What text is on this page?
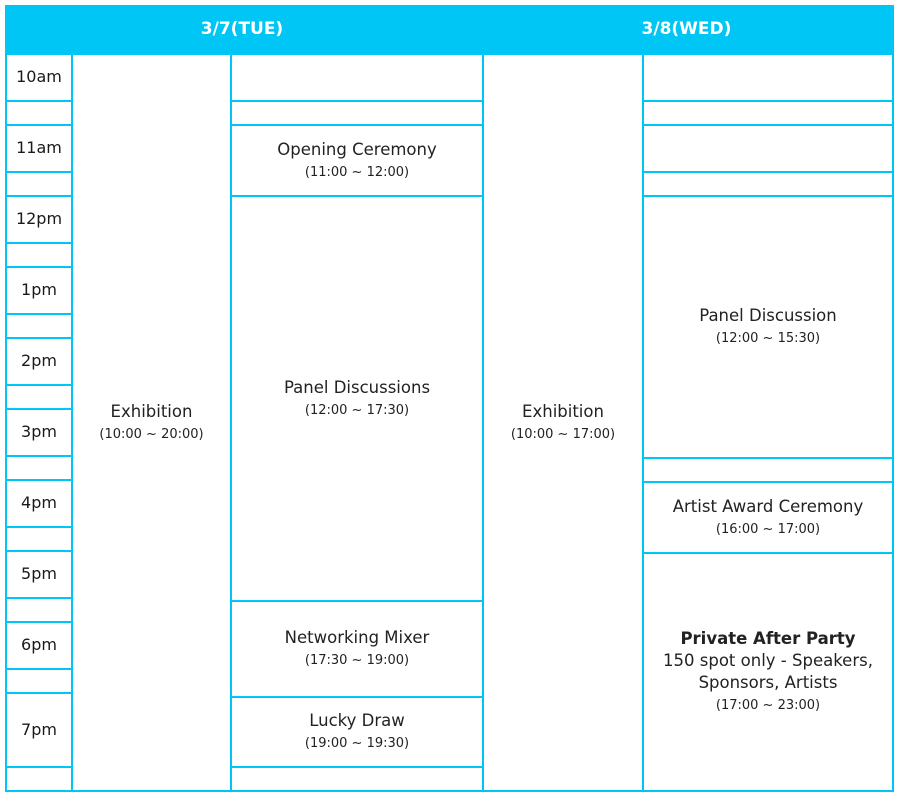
3/7(TUE)	3/8(WED)
10am
11am
12pm
1pm
2pm
3pm
4pm
5pm
6pm
7pm
Exhibition
(10:00 ~ 20:00)
Opening Ceremony
(11:00 ~ 12:00)
Panel Discussions
(12:00 ~ 17:30)
Networking Mixer
(17:30 ~ 19:00)
Lucky Draw
(19:00 ~ 19:30)
Exhibition
(10:00 ~ 17:00)
Panel Discussion
(12:00 ~ 15:30)
Artist Award Ceremony
(16:00 ~ 17:00)
Private After Party
150 spot only - Speakers,
Sponsors, Artists
(17:00 ~ 23:00)
